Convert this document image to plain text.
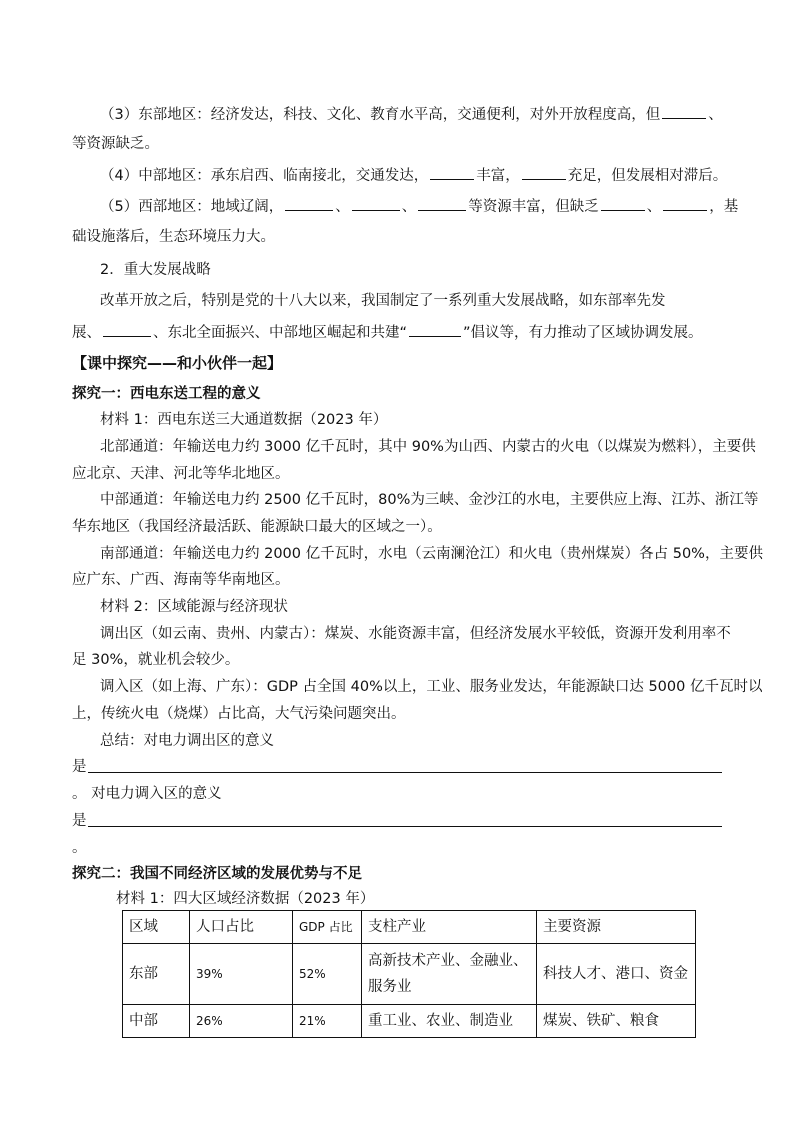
（3）东部地区：经济发达，科技、文化、教育水平高，交通便利，对外开放程度高，但	、

等资源缺乏。

（4）中部地区：承东启西、临南接北，交通发达，	丰富，	充足，但发展相对滞后。

（5）西部地区：地域辽阔，	、	、	等资源丰富，但缺乏	、	，基

础设施落后，生态环境压力大。

2．重大发展战略

改革开放之后，特别是党的十八大以来，我国制定了一系列重大发展战略，如东部率先发

展、	、东北全面振兴、中部地区崛起和共建“	”倡议等，有力推动了区域协调发展。

【课中探究——和小伙伴一起】

探究一：西电东送工程的意义

材料 1：西电东送三大通道数据（2023 年）

北部通道：年输送电力约 3000 亿千瓦时，其中 90%为山西、内蒙古的火电（以煤炭为燃料），主要供

应北京、天津、河北等华北地区。

中部通道：年输送电力约 2500 亿千瓦时，80%为三峡、金沙江的水电，主要供应上海、江苏、浙江等

华东地区（我国经济最活跃、能源缺口最大的区域之一）。

南部通道：年输送电力约 2000 亿千瓦时，水电（云南澜沧江）和火电（贵州煤炭）各占 50%，主要供

应广东、广西、海南等华南地区。

材料 2：区域能源与经济现状

调出区（如云南、贵州、内蒙古）：煤炭、水能资源丰富，但经济发展水平较低，资源开发利用率不

足 30%，就业机会较少。

调入区（如上海、广东）：GDP 占全国 40%以上，工业、服务业发达，年能源缺口达 5000 亿千瓦时以

上，传统火电（烧煤）占比高，大气污染问题突出。

总结：对电力调出区的意义

是

。 对电力调入区的意义

是

。

探究二：我国不同经济区域的发展优势与不足

材料 1：四大区域经济数据（2023 年）

区域	人口占比	GDP 占比	支柱产业	主要资源
东部	39%	52%	高新技术产业、金融业、服务业	科技人才、港口、资金
中部	26%	21%	重工业、农业、制造业	煤炭、铁矿、粮食
